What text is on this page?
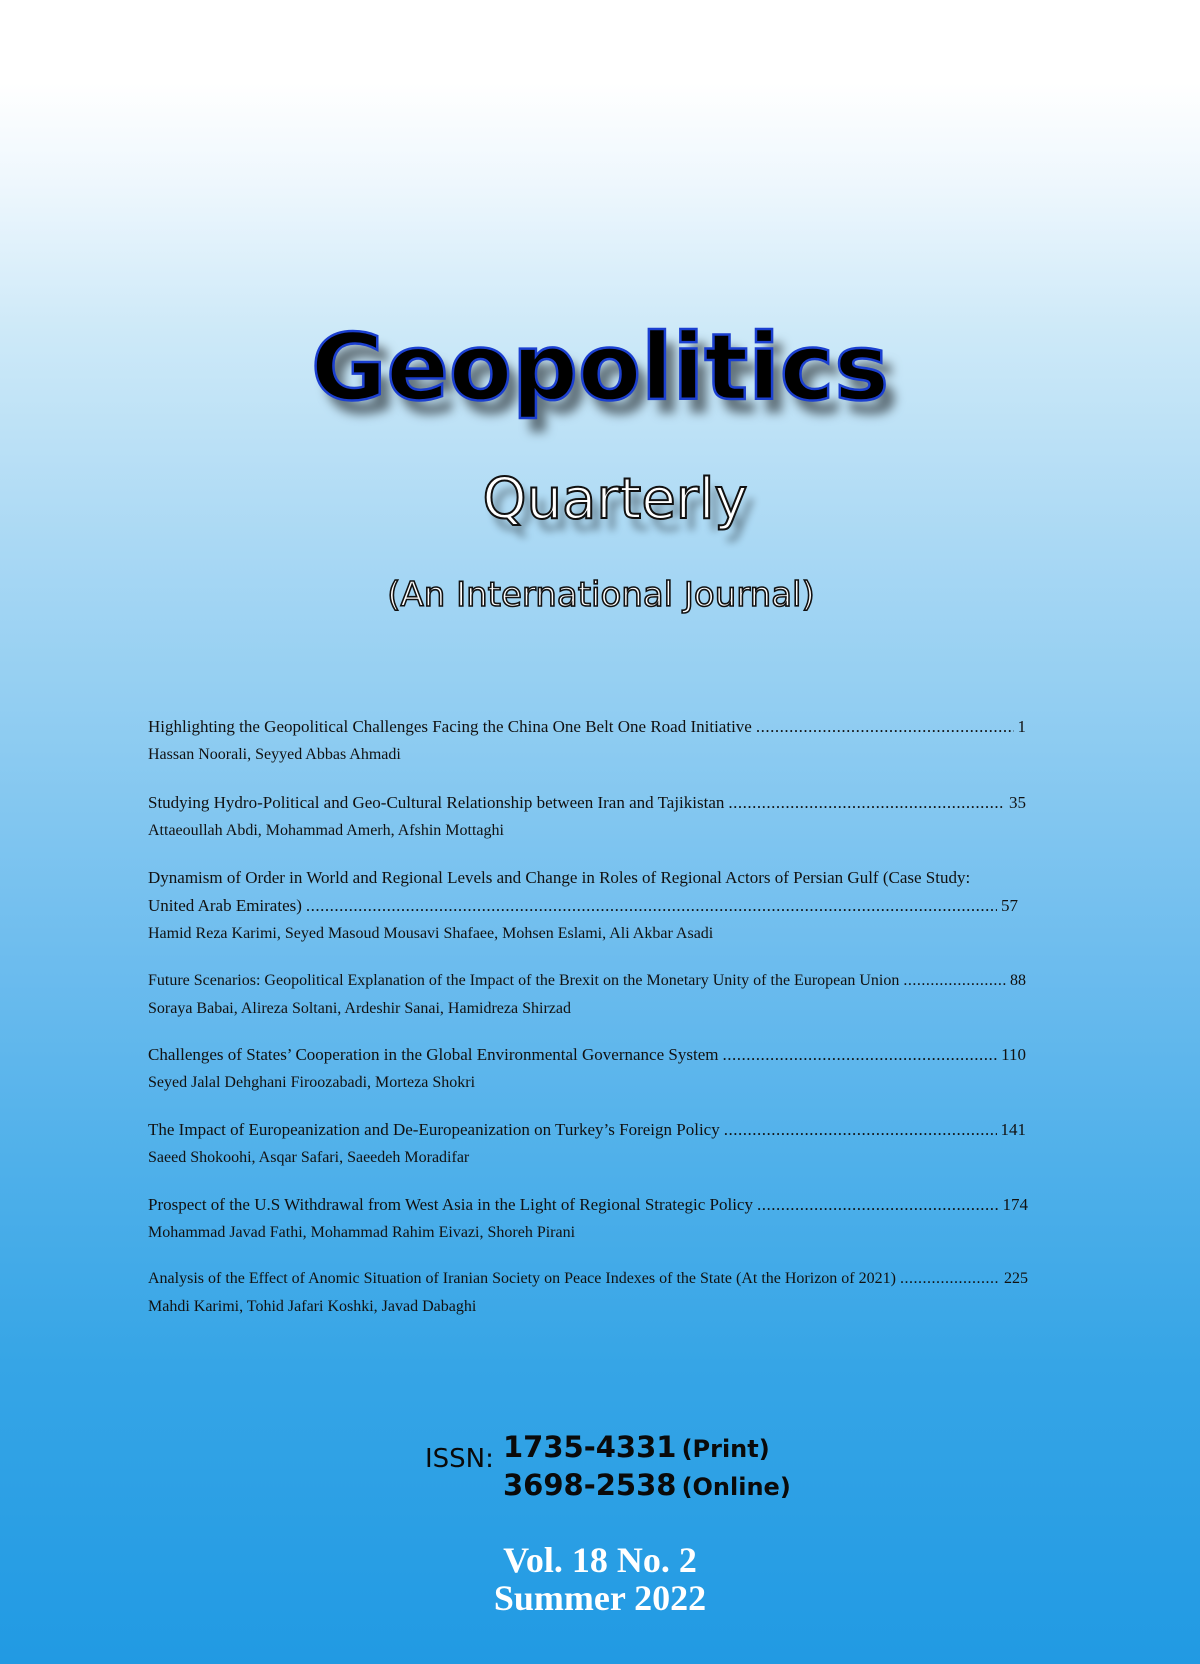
Geopolitics
Quarterly
(An International Journal)
Highlighting the Geopolitical Challenges Facing the China One Belt One Road Initiative .....	1
Hassan Noorali, Seyyed Abbas Ahmadi
Studying Hydro-Political and Geo-Cultural Relationship between Iran and Tajikistan .....	35
Attaeoullah Abdi, Mohammad Amerh, Afshin Mottaghi
Dynamism of Order in World and Regional Levels and Change in Roles of Regional Actors of Persian Gulf (Case Study:
United Arab Emirates) .....	57
Hamid Reza Karimi, Seyed Masoud Mousavi Shafaee, Mohsen Eslami, Ali Akbar Asadi
Future Scenarios: Geopolitical Explanation of the Impact of the Brexit on the Monetary Unity of the European Union .....	88
Soraya Babai, Alireza Soltani, Ardeshir Sanai, Hamidreza Shirzad
Challenges of States’ Cooperation in the Global Environmental Governance System .....	110
Seyed Jalal Dehghani Firoozabadi, Morteza Shokri
The Impact of Europeanization and De-Europeanization on Turkey’s Foreign Policy .....	141
Saeed Shokoohi, Asqar Safari, Saeedeh Moradifar
Prospect of the U.S Withdrawal from West Asia in the Light of Regional Strategic Policy .....	174
Mohammad Javad Fathi, Mohammad Rahim Eivazi, Shoreh Pirani
Analysis of the Effect of Anomic Situation of Iranian Society on Peace Indexes of the State (At the Horizon of 2021) .....	225
Mahdi Karimi, Tohid Jafari Koshki, Javad Dabaghi
ISSN: 1735-4331 (Print)
3698-2538 (Online)
Vol. 18 No. 2
Summer 2022
